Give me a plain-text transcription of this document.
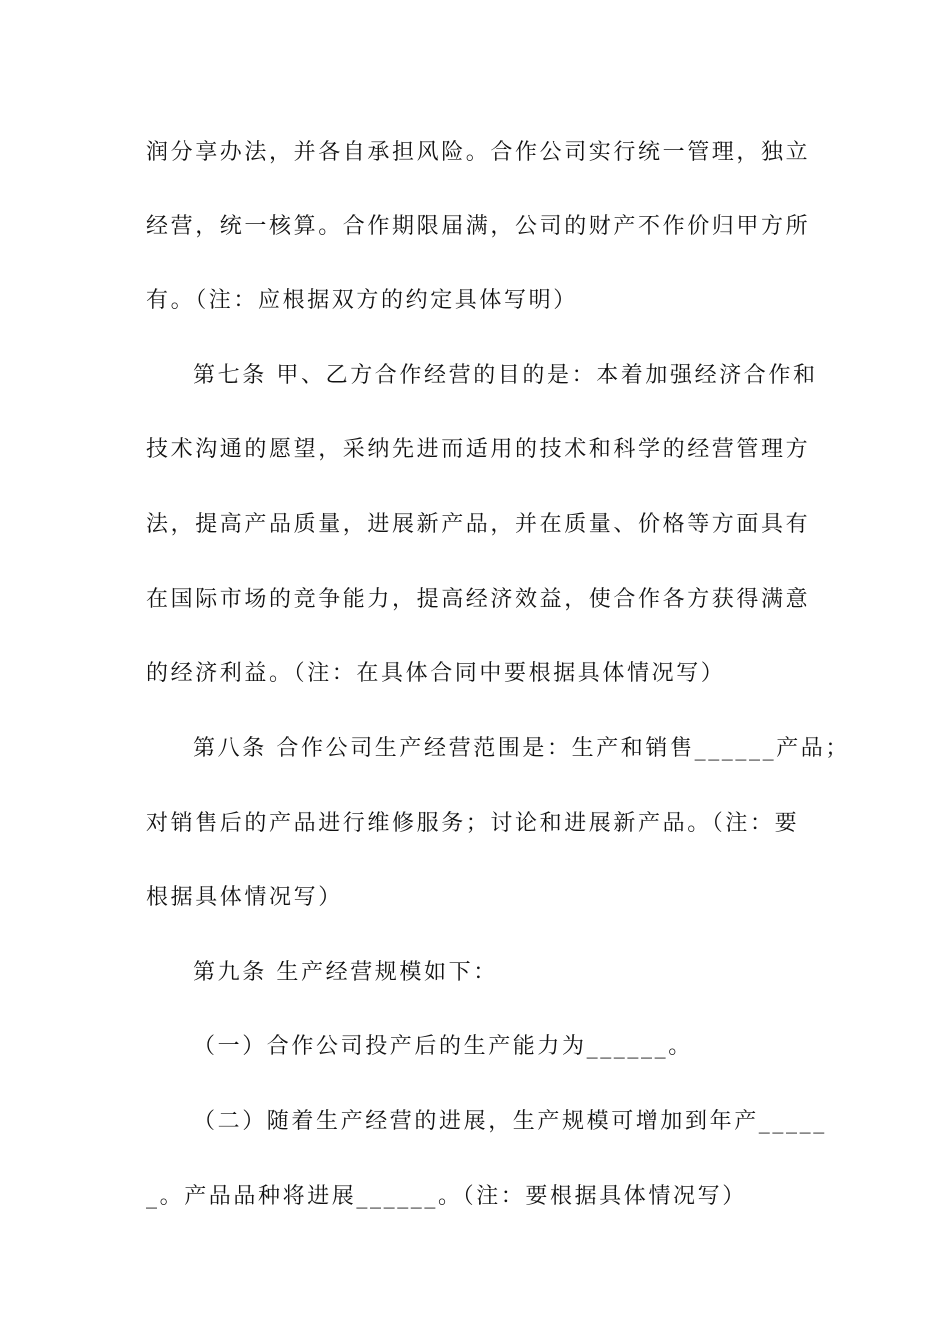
润分享办法，并各自承担风险。合作公司实行统一管理，独立
经营，统一核算。合作期限届满，公司的财产不作价归甲方所
有。（注：应根据双方的约定具体写明）
第七条 甲、乙方合作经营的目的是：本着加强经济合作和
技术沟通的愿望，采纳先进而适用的技术和科学的经营管理方
法，提高产品质量，进展新产品，并在质量、价格等方面具有
在国际市场的竞争能力，提高经济效益，使合作各方获得满意
的经济利益。（注：在具体合同中要根据具体情况写）
第八条 合作公司生产经营范围是：生产和销售______产品；
对销售后的产品进行维修服务；讨论和进展新产品。（注：要
根据具体情况写）
第九条 生产经营规模如下：
（一）合作公司投产后的生产能力为______。
（二）随着生产经营的进展，生产规模可增加到年产_____
_。产品品种将进展______。（注：要根据具体情况写）
